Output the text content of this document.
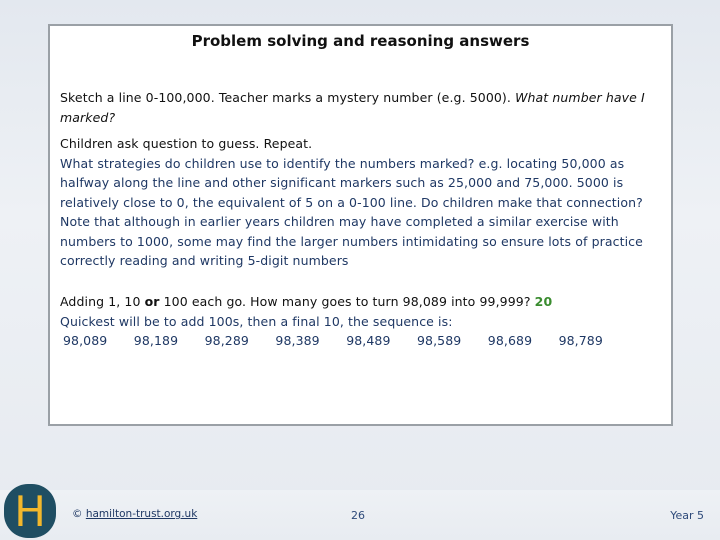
Problem solving and reasoning answers
Sketch a line 0-100,000. Teacher marks a mystery number (e.g. 5000). What number have I marked?
Children ask question to guess. Repeat.
What strategies do children use to identify the numbers marked? e.g. locating 50,000 as halfway along the line and other significant markers such as 25,000 and 75,000. 5000 is relatively close to 0, the equivalent of 5 on a 0-100 line. Do children make that connection? Note that although in earlier years children may have completed a similar exercise with numbers to 1000, some may find the larger numbers intimidating so ensure lots of practice correctly reading and writing 5-digit numbers
Adding 1, 10 or 100 each go. How many goes to turn 98,089 into 99,999? 20
Quickest will be to add 100s, then a final 10, the sequence is:
98,089 98,189 98,289 98,389 98,489 98,589 98,689 98,789
H © hamilton-trust.org.uk	26	Year 5
